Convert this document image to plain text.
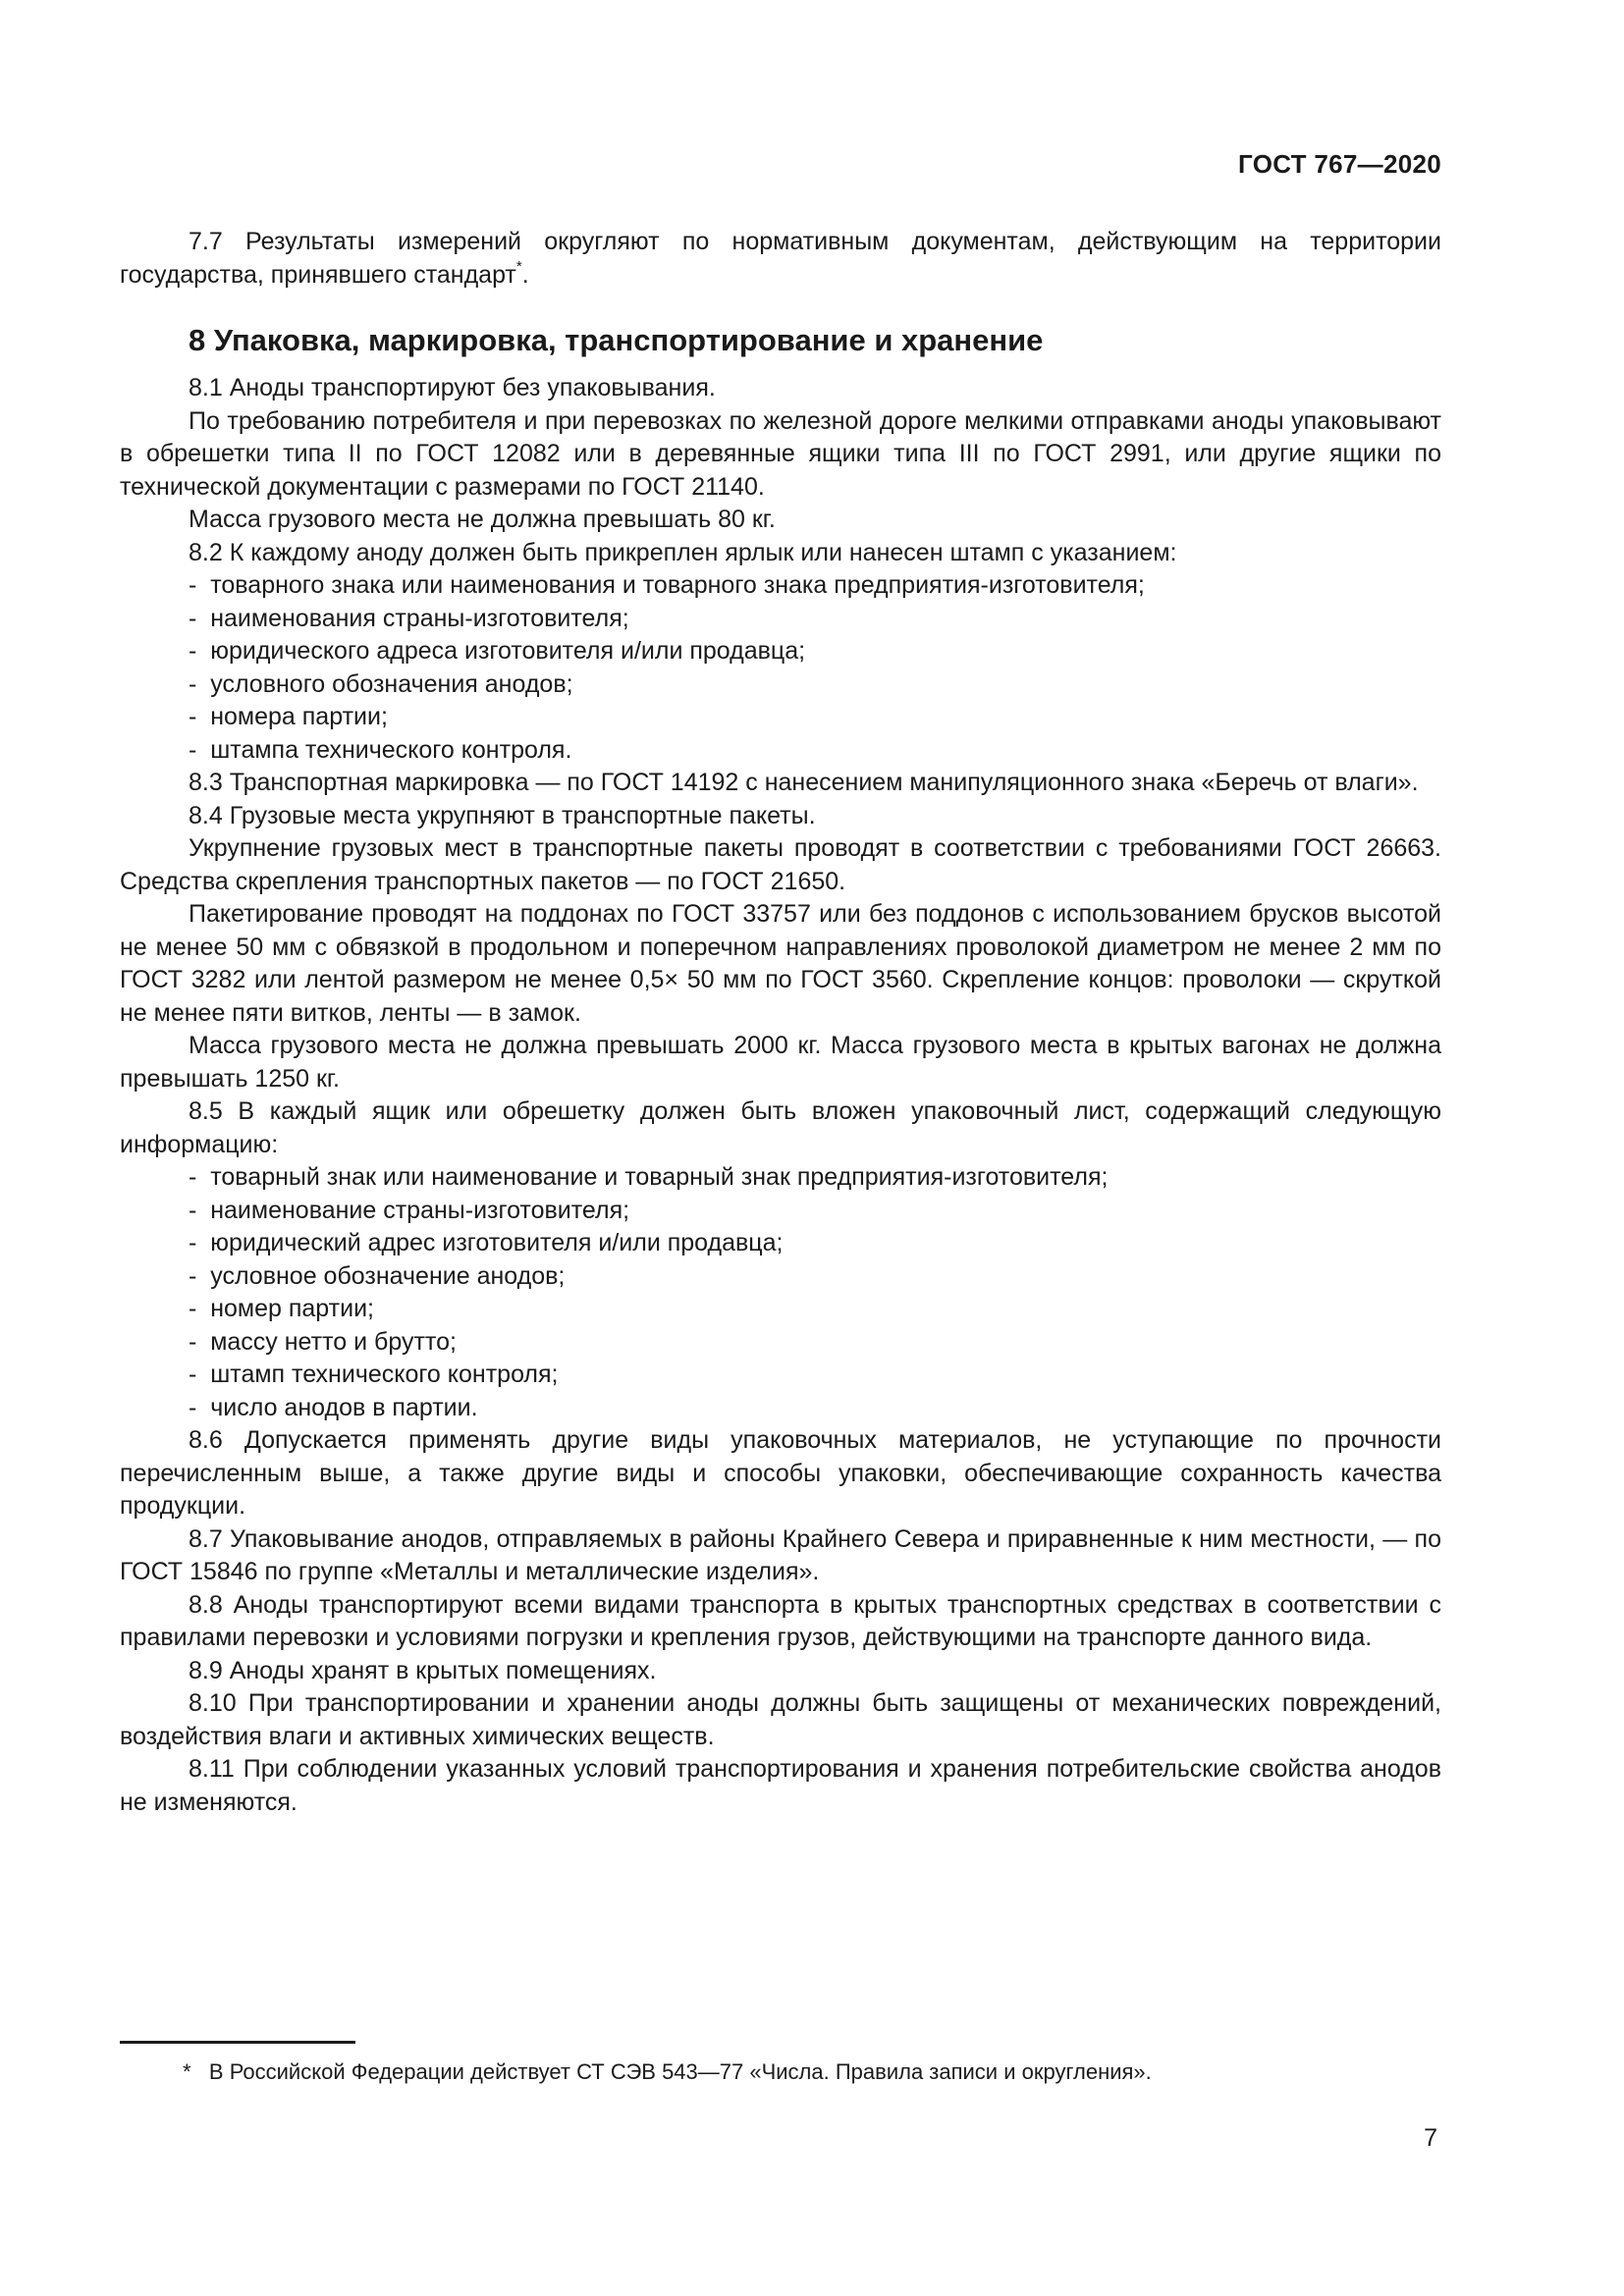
ГОСТ 767—2020

7.7 Результаты измерений округляют по нормативным документам, действующим на территории государства, принявшего стандарт*.

8 Упаковка, маркировка, транспортирование и хранение

8.1 Аноды транспортируют без упаковывания.

По требованию потребителя и при перевозках по железной дороге мелкими отправками аноды упаковывают в обрешетки типа II по ГОСТ 12082 или в деревянные ящики типа III по ГОСТ 2991, или другие ящики по технической документации с размерами по ГОСТ 21140.

Масса грузового места не должна превышать 80 кг.

8.2 К каждому аноду должен быть прикреплен ярлык или нанесен штамп с указанием:

-  товарного знака или наименования и товарного знака предприятия-изготовителя;
-  наименования страны-изготовителя;
-  юридического адреса изготовителя и/или продавца;
-  условного обозначения анодов;
-  номера партии;
-  штампа технического контроля.

8.3 Транспортная маркировка — по ГОСТ 14192 с нанесением манипуляционного знака «Беречь от влаги».

8.4 Грузовые места укрупняют в транспортные пакеты.

Укрупнение грузовых мест в транспортные пакеты проводят в соответствии с требованиями ГОСТ 26663. Средства скрепления транспортных пакетов — по ГОСТ 21650.

Пакетирование проводят на поддонах по ГОСТ 33757 или без поддонов с использованием брусков высотой не менее 50 мм с обвязкой в продольном и поперечном направлениях проволокой диаметром не менее 2 мм по ГОСТ 3282 или лентой размером не менее 0,5× 50 мм по ГОСТ 3560. Скрепление концов: проволоки — скруткой не менее пяти витков, ленты — в замок.

Масса грузового места не должна превышать 2000 кг. Масса грузового места в крытых вагонах не должна превышать 1250 кг.

8.5 В каждый ящик или обрешетку должен быть вложен упаковочный лист, содержащий следующую информацию:

-  товарный знак или наименование и товарный знак предприятия-изготовителя;
-  наименование страны-изготовителя;
-  юридический адрес изготовителя и/или продавца;
-  условное обозначение анодов;
-  номер партии;
-  массу нетто и брутто;
-  штамп технического контроля;
-  число анодов в партии.

8.6 Допускается применять другие виды упаковочных материалов, не уступающие по прочности перечисленным выше, а также другие виды и способы упаковки, обеспечивающие сохранность качества продукции.

8.7 Упаковывание анодов, отправляемых в районы Крайнего Севера и приравненные к ним местности, — по ГОСТ 15846 по группе «Металлы и металлические изделия».

8.8 Аноды транспортируют всеми видами транспорта в крытых транспортных средствах в соответствии с правилами перевозки и условиями погрузки и крепления грузов, действующими на транспорте данного вида.

8.9 Аноды хранят в крытых помещениях.

8.10 При транспортировании и хранении аноды должны быть защищены от механических повреждений, воздействия влаги и активных химических веществ.

8.11 При соблюдении указанных условий транспортирования и хранения потребительские свойства анодов не изменяются.

* В Российской Федерации действует СТ СЭВ 543—77 «Числа. Правила записи и округления».
7
